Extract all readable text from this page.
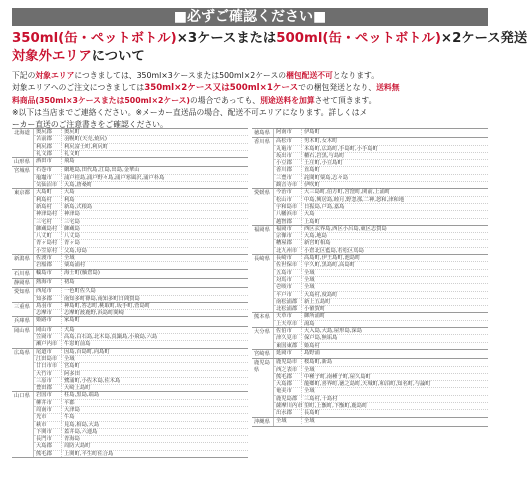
■必ずご確認ください■
350ml(缶・ペットボトル)×3ケースまたは500ml(缶・ペットボトル)×2ケース発送
対象外エリアについて

下記の対象エリアにつきましては、350ml×3ケースまたは500ml×2ケースの梱包配送不可となります。

対象エリアへのご注文につきましては350ml×2ケース又は500ml×1ケースでの梱包発送となり、送料無

料商品(350ml×3ケースまたは500ml×2ケース)の場合であっても、別途送料を加算させて頂きます。

※以下は当店までご連絡ください。※メーカー直送品の場合、配送不可エリアになります。詳しくはメ

ーカー直送のご注意書きをご確認ください。

北海道	奥尻郡	奥尻町
苫前郡	羽幌町(天売,焼尻)
利尻郡	利尻富士町,利尻町
礼文郡	礼文町
山形県	酒田市	飛島
宮城県	石巻市	網地島,田代島,江島,出島,金華山
塩竈市	浦戸桂島,浦戸野々島,浦戸寒風沢,浦戸朴島
気仙沼市	大島,唐桑町
東京都	大島町	大島
利島村	利島
新島村	新島,式根島
神津島村	神津島
三宅村	三宅島
御蔵島村	御蔵島
八丈町	八丈島
青ヶ島村	青ヶ島
小笠原村	父島,母島
新潟県	佐渡市	全域
岩船郡	粟島浦村
石川県	輪島市	海士町(舳倉島)
静岡県	熱海市	初島
愛知県	西尾市	一色町佐久島
知多郡	南知多町篠島,南知多町日間賀島
三重県	鳥羽市	神島町,答志町,桃取町,坂手町,菅島町
志摩市	志摩町渡鹿野,浜島町間崎
兵庫県	姫路市	家島町
岡山県	岡山市	犬島
笠岡市	高島,白石島,北木島,真鍋島,小飛島,六島
瀬戸内市	牛窓町前島
広島県	尾道市	因島,百島町,向島町
江田島市	全域
廿日市市	宮島町
大竹市	阿多田
三原市	鷺浦町,小佐木島,佐木島
豊田郡	大崎上島町
山口県	岩国市	柱島,黒島,端島
柳井市	平郡
周南市	大津島
光市	牛島
萩市	見島,相島,大島
下関市	蓋井島,六連島
長門市	青海島
大島郡	周防大島町
熊毛郡	上関町,平生町佐合島
徳島県	阿南市	伊島町
香川県	高松市	男木町,女木町
丸亀市	本島町,広島町,手島町,小手島町
坂出市	櫃石,岩黒,与島町
小豆郡	土庄町,小豆島町
香川郡	直島町
三豊市	詫間町粟島,志々島
観音寺市	伊吹町
愛媛県	今治市	大三島町,伯方町,宮窪町,関前,上浦町
松山市	中島,興居島,睦月,野忽那,二神,怒和,津和地
宇和島市	日振島,戸島,嘉島
八幡浜市	大島
越智郡	上島町
福岡県	福岡市	西区玄界島,西区小呂島,東区志賀島
宗像市	大島,地島
糟屋郡	新宮町相島
北九州市	小倉北区藍島,若松区馬島
長崎県	長崎市	高島町,伊王島町,池島町
佐世保市	宇久町,黒島町,高島町
五島市	全域
対馬市	全域
壱岐市	全域
平戸市	大島村,度島町
南松浦郡	新上五島町
北松浦郡	小値賀町
熊本県	天草市	御所浦町
上天草市	湯島
大分県	佐伯市	大入島,大島,屋形島,深島
津久見市	保戸島,無垢島
東国東郡	姫島村
宮崎県	延岡市	島野浦
鹿児島県
鹿児島市	桜島町,新島
西之表市	全域
熊毛郡	中種子町,南種子町,屋久島町
大島郡	龍郷町,喜界町,徳之島町,天城町,和泊町,知名町,与論町
奄美市	全域
鹿児島郡	三島村,十島村
薩摩川内市 里町,上甑町,下甑町,鹿島町
出水郡	長島町
沖縄県	全域	全域
